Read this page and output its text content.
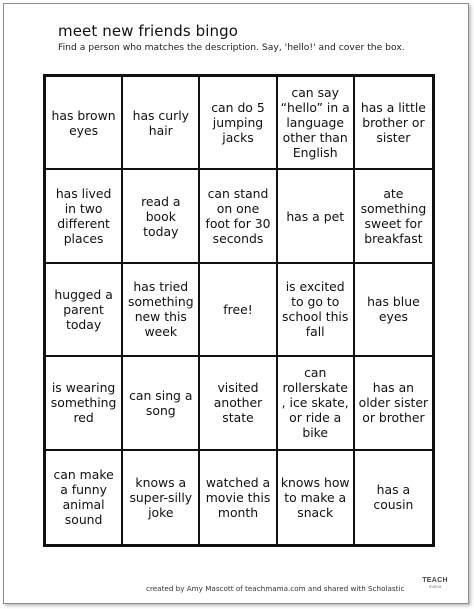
meet new friends bingo
Find a person who matches the description. Say, 'hello!' and cover the box.
has brown eyes
has curly hair
can do 5 jumping jacks
can say “hello” in a language other than English
has a little brother or sister
has lived in two different places
read a book today
can stand on one foot for 30 seconds
has a pet
ate something sweet for breakfast
hugged a parent today
has tried something new this week
free!
is excited to go to school this fall
has blue eyes
is wearing something red
can sing a song
visited another state
can rollerskate, ice skate, or ride a bike
has an older sister or brother
can make a funny animal sound
knows a super-silly joke
watched a movie this month
knows how to make a snack
has a cousin
created by Amy Mascott of teachmama.com and shared with Scholastic
TEACH
mama
